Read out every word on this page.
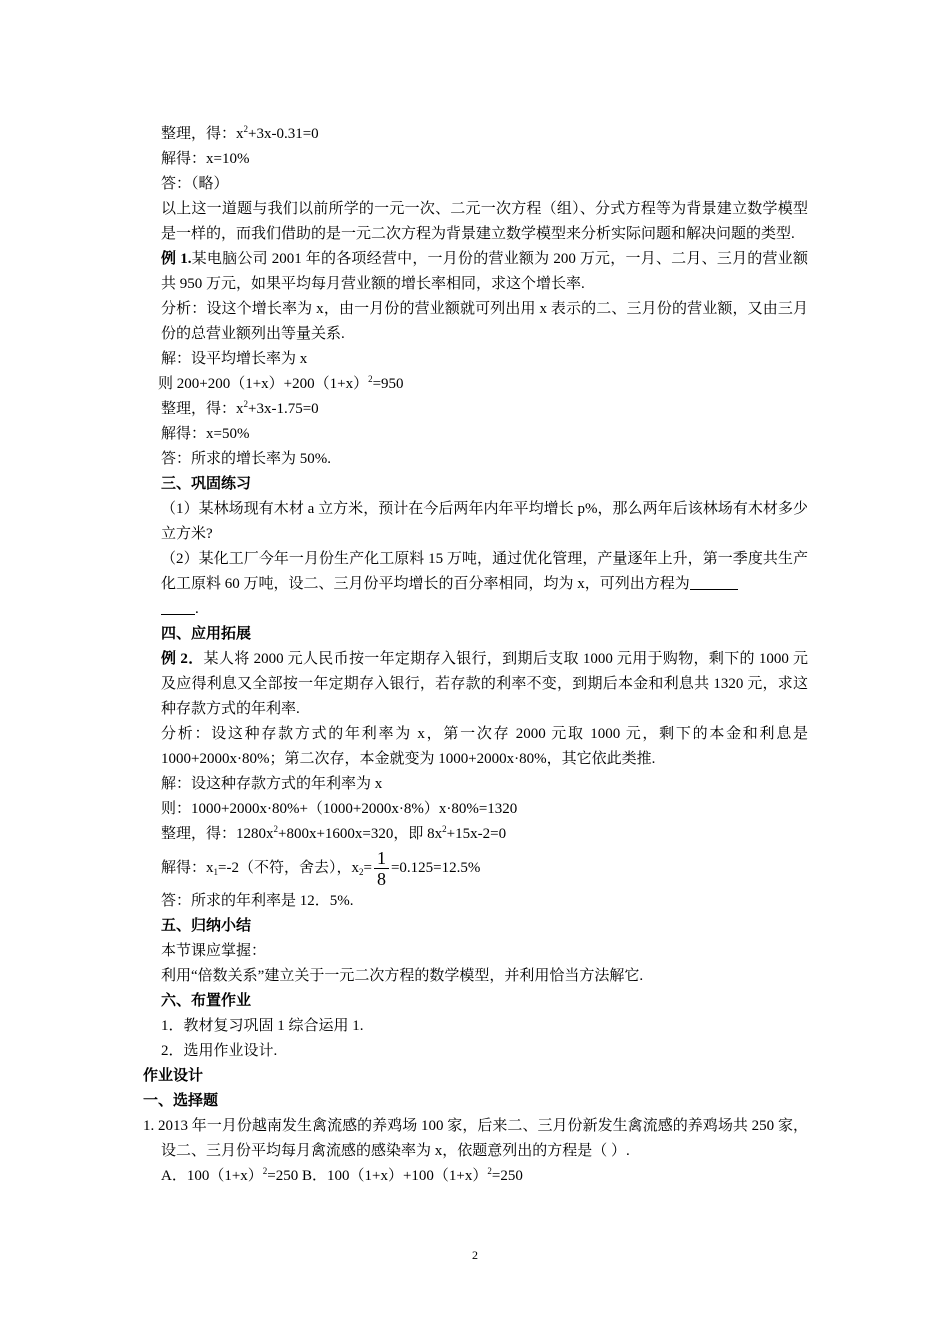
整理，得：$x^2+3x-0.31=0$
解得：x=10%
答：（略）
以上这一道题与我们以前所学的一元一次、二元一次方程（组）、分式方程等为背景建立数学模型是一样的，而我们借助的是一元二次方程为背景建立数学模型来分析实际问题和解决问题的类型.
例 1.某电脑公司 2001 年的各项经营中，一月份的营业额为 200 万元，一月、二月、三月的营业额共 950 万元，如果平均每月营业额的增长率相同，求这个增长率.
分析：设这个增长率为 x，由一月份的营业额就可列出用 x 表示的二、三月份的营业额，又由三月份的总营业额列出等量关系.
解：设平均增长率为 x
则 $200+200(1+x)+200(1+x)^2=950$
整理，得：$x^2+3x-1.75=0$
解得：x=50%
答：所求的增长率为 50%.
三、巩固练习
（1）某林场现有木材 a 立方米，预计在今后两年内年平均增长 p%，那么两年后该林场有木材多少立方米?
（2）某化工厂今年一月份生产化工原料 15 万吨，通过优化管理，产量逐年上升，第一季度共生产化工原料 60 万吨，设二、三月份平均增长的百分率相同，均为 x，可列出方程为
.
四、应用拓展
例 2．某人将 2000 元人民币按一年定期存入银行，到期后支取 1000 元用于购物，剩下的 1000 元及应得利息又全部按一年定期存入银行，若存款的利率不变，到期后本金和利息共 1320 元，求这种存款方式的年利率.
分析：设这种存款方式的年利率为 x，第一次存 2000 元取 1000 元，剩下的本金和利息是 1000+2000x·80%；第二次存，本金就变为 1000+2000x·80%，其它依此类推.
解：设这种存款方式的年利率为 x
则：1000+2000x·80%+（1000+2000x·8%）x·80%=1320
整理，得：$1280x^2+800x+1600x=320$，即 $8x^2+15x-2=0$
解得：$x_1=-2$（不符，舍去），$x_2= \frac{1}{8} =0.125=12.5\%$
答：所求的年利率是 12．5%.
五、归纳小结
本节课应掌握：
利用“倍数关系”建立关于一元二次方程的数学模型，并利用恰当方法解它.
六、布置作业
1．教材复习巩固 1 综合运用 1.
2．选用作业设计.
作业设计
一、选择题
1. 2013 年一月份越南发生禽流感的养鸡场 100 家，后来二、三月份新发生禽流感的养鸡场共 250 家，设二、三月份平均每月禽流感的感染率为 x，依题意列出的方程是（ ）.
A．$100(1+x)^2=250$ B．$100(1+x)+100(1+x)^2=250$
2
